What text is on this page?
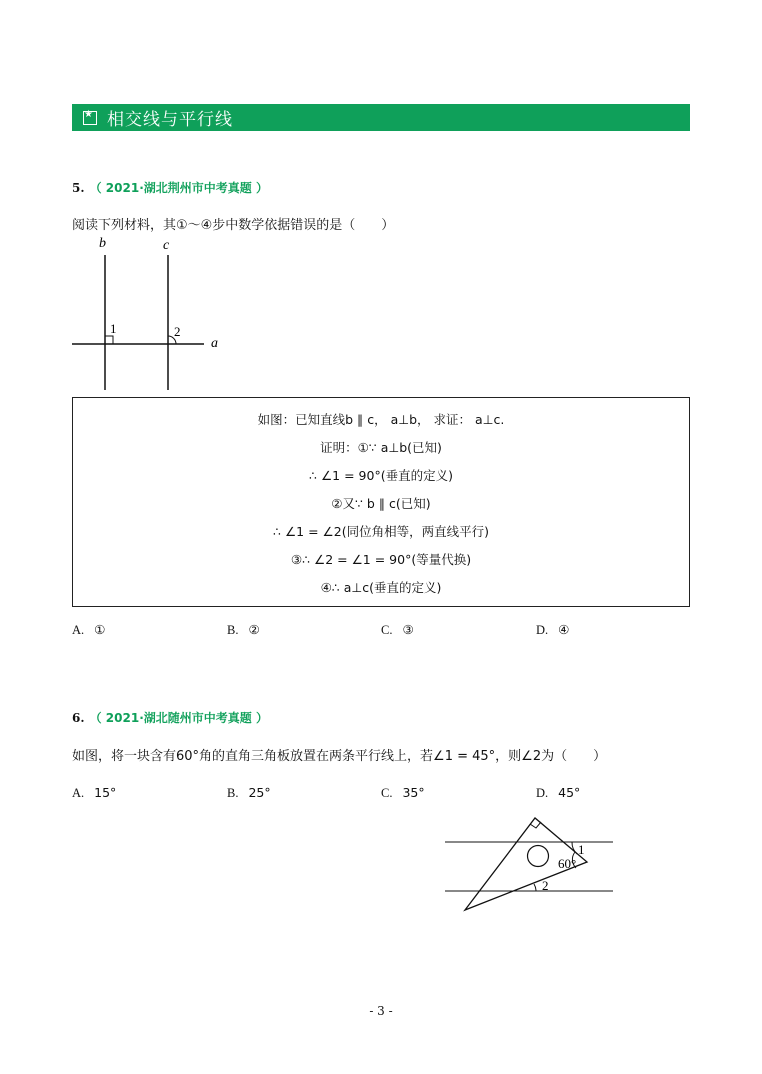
★
相交线与平行线
5. （ 2021·湖北荆州市中考真题 ）
阅读下列材料，其①～④步中数学依据错误的是（　　）
b	c
a
1	2
如图：已知直线b ∥ c， a⊥b， 求证： a⊥c.
证明：①∵ a⊥b(已知)
∴ ∠1 = 90°(垂直的定义)
②又∵ b ∥ c(已知)
∴ ∠1 = ∠2(同位角相等，两直线平行)
③∴ ∠2 = ∠1 = 90°(等量代换)
④∴ a⊥c(垂直的定义)
A. ①	B. ②	C. ③	D. ④
6. （ 2021·湖北随州市中考真题 ）
如图，将一块含有60°角的直角三角板放置在两条平行线上，若∠1 = 45°，则∠2为（　　）
A. 15°	B. 25°	C. 35°	D. 45°
60°
1
2
- 3 -
